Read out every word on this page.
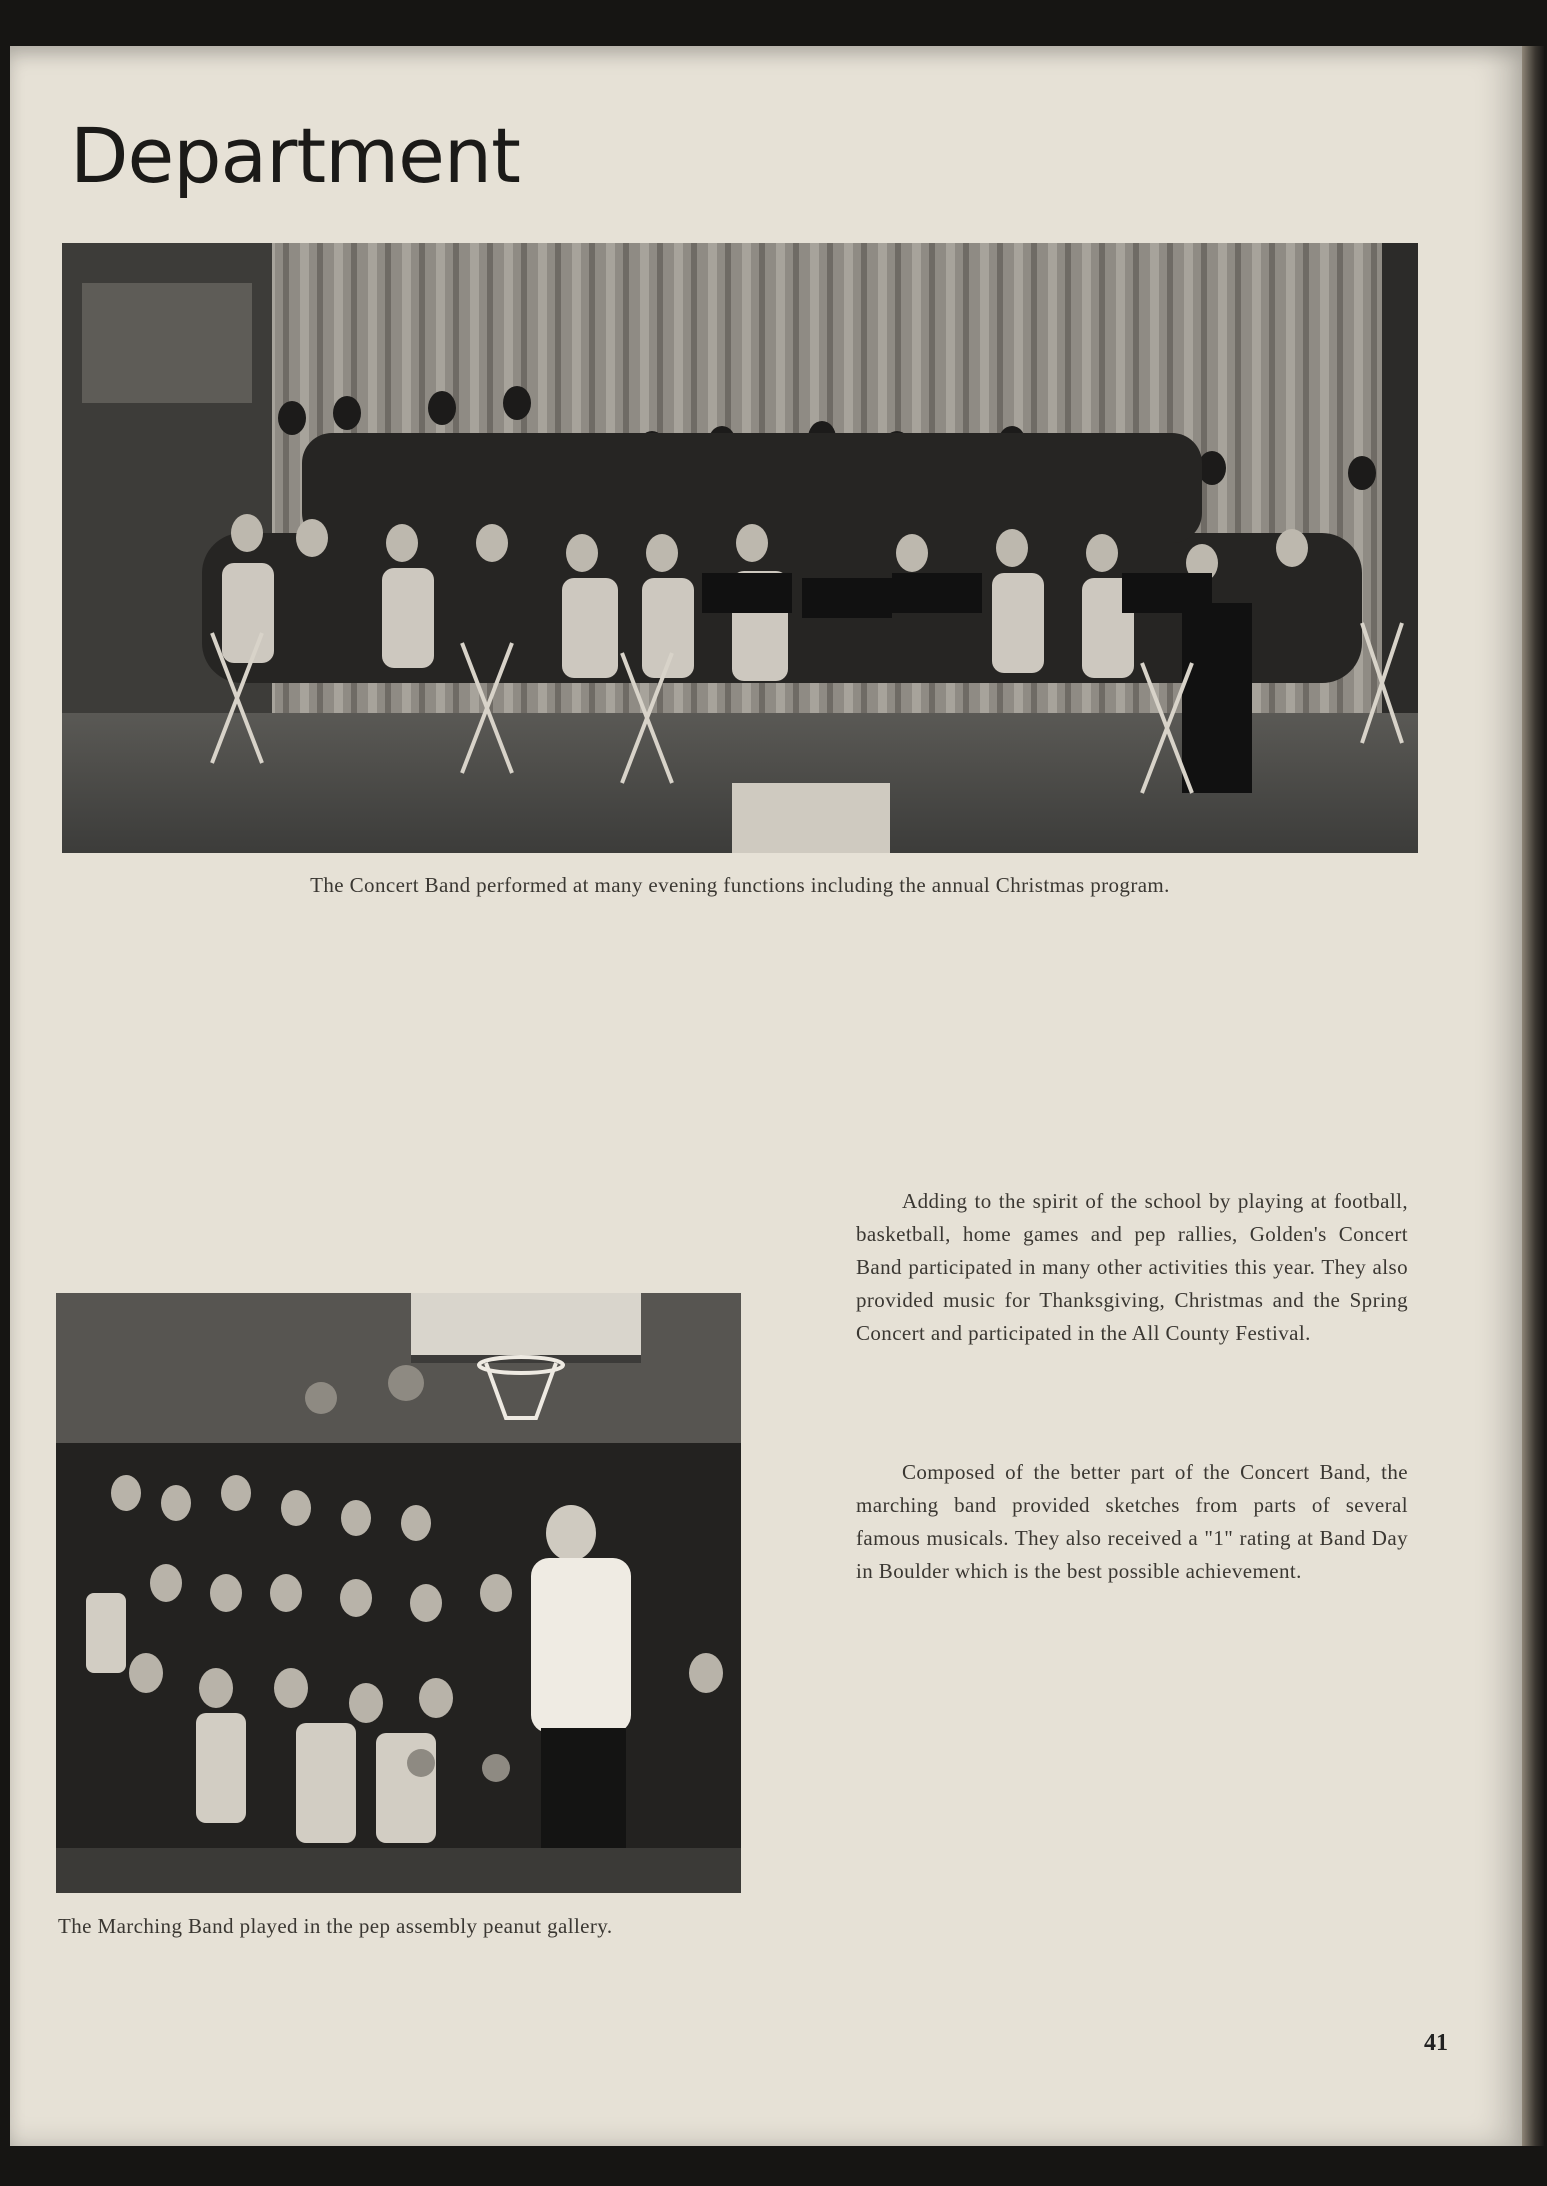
Department

The Concert Band performed at many evening functions including the annual Christmas program.

Adding to the spirit of the school by playing at football, basketball, home games and pep rallies, Golden's Concert Band participated in many other activities this year. They also provided music for Thanksgiving, Christmas and the Spring Concert and participated in the All County Festival.

Composed of the better part of the Concert Band, the marching band provided sketches from parts of several famous musicals. They also received a "1" rating at Band Day in Boulder which is the best possible achievement.

The Marching Band played in the pep assembly peanut gallery.

41
